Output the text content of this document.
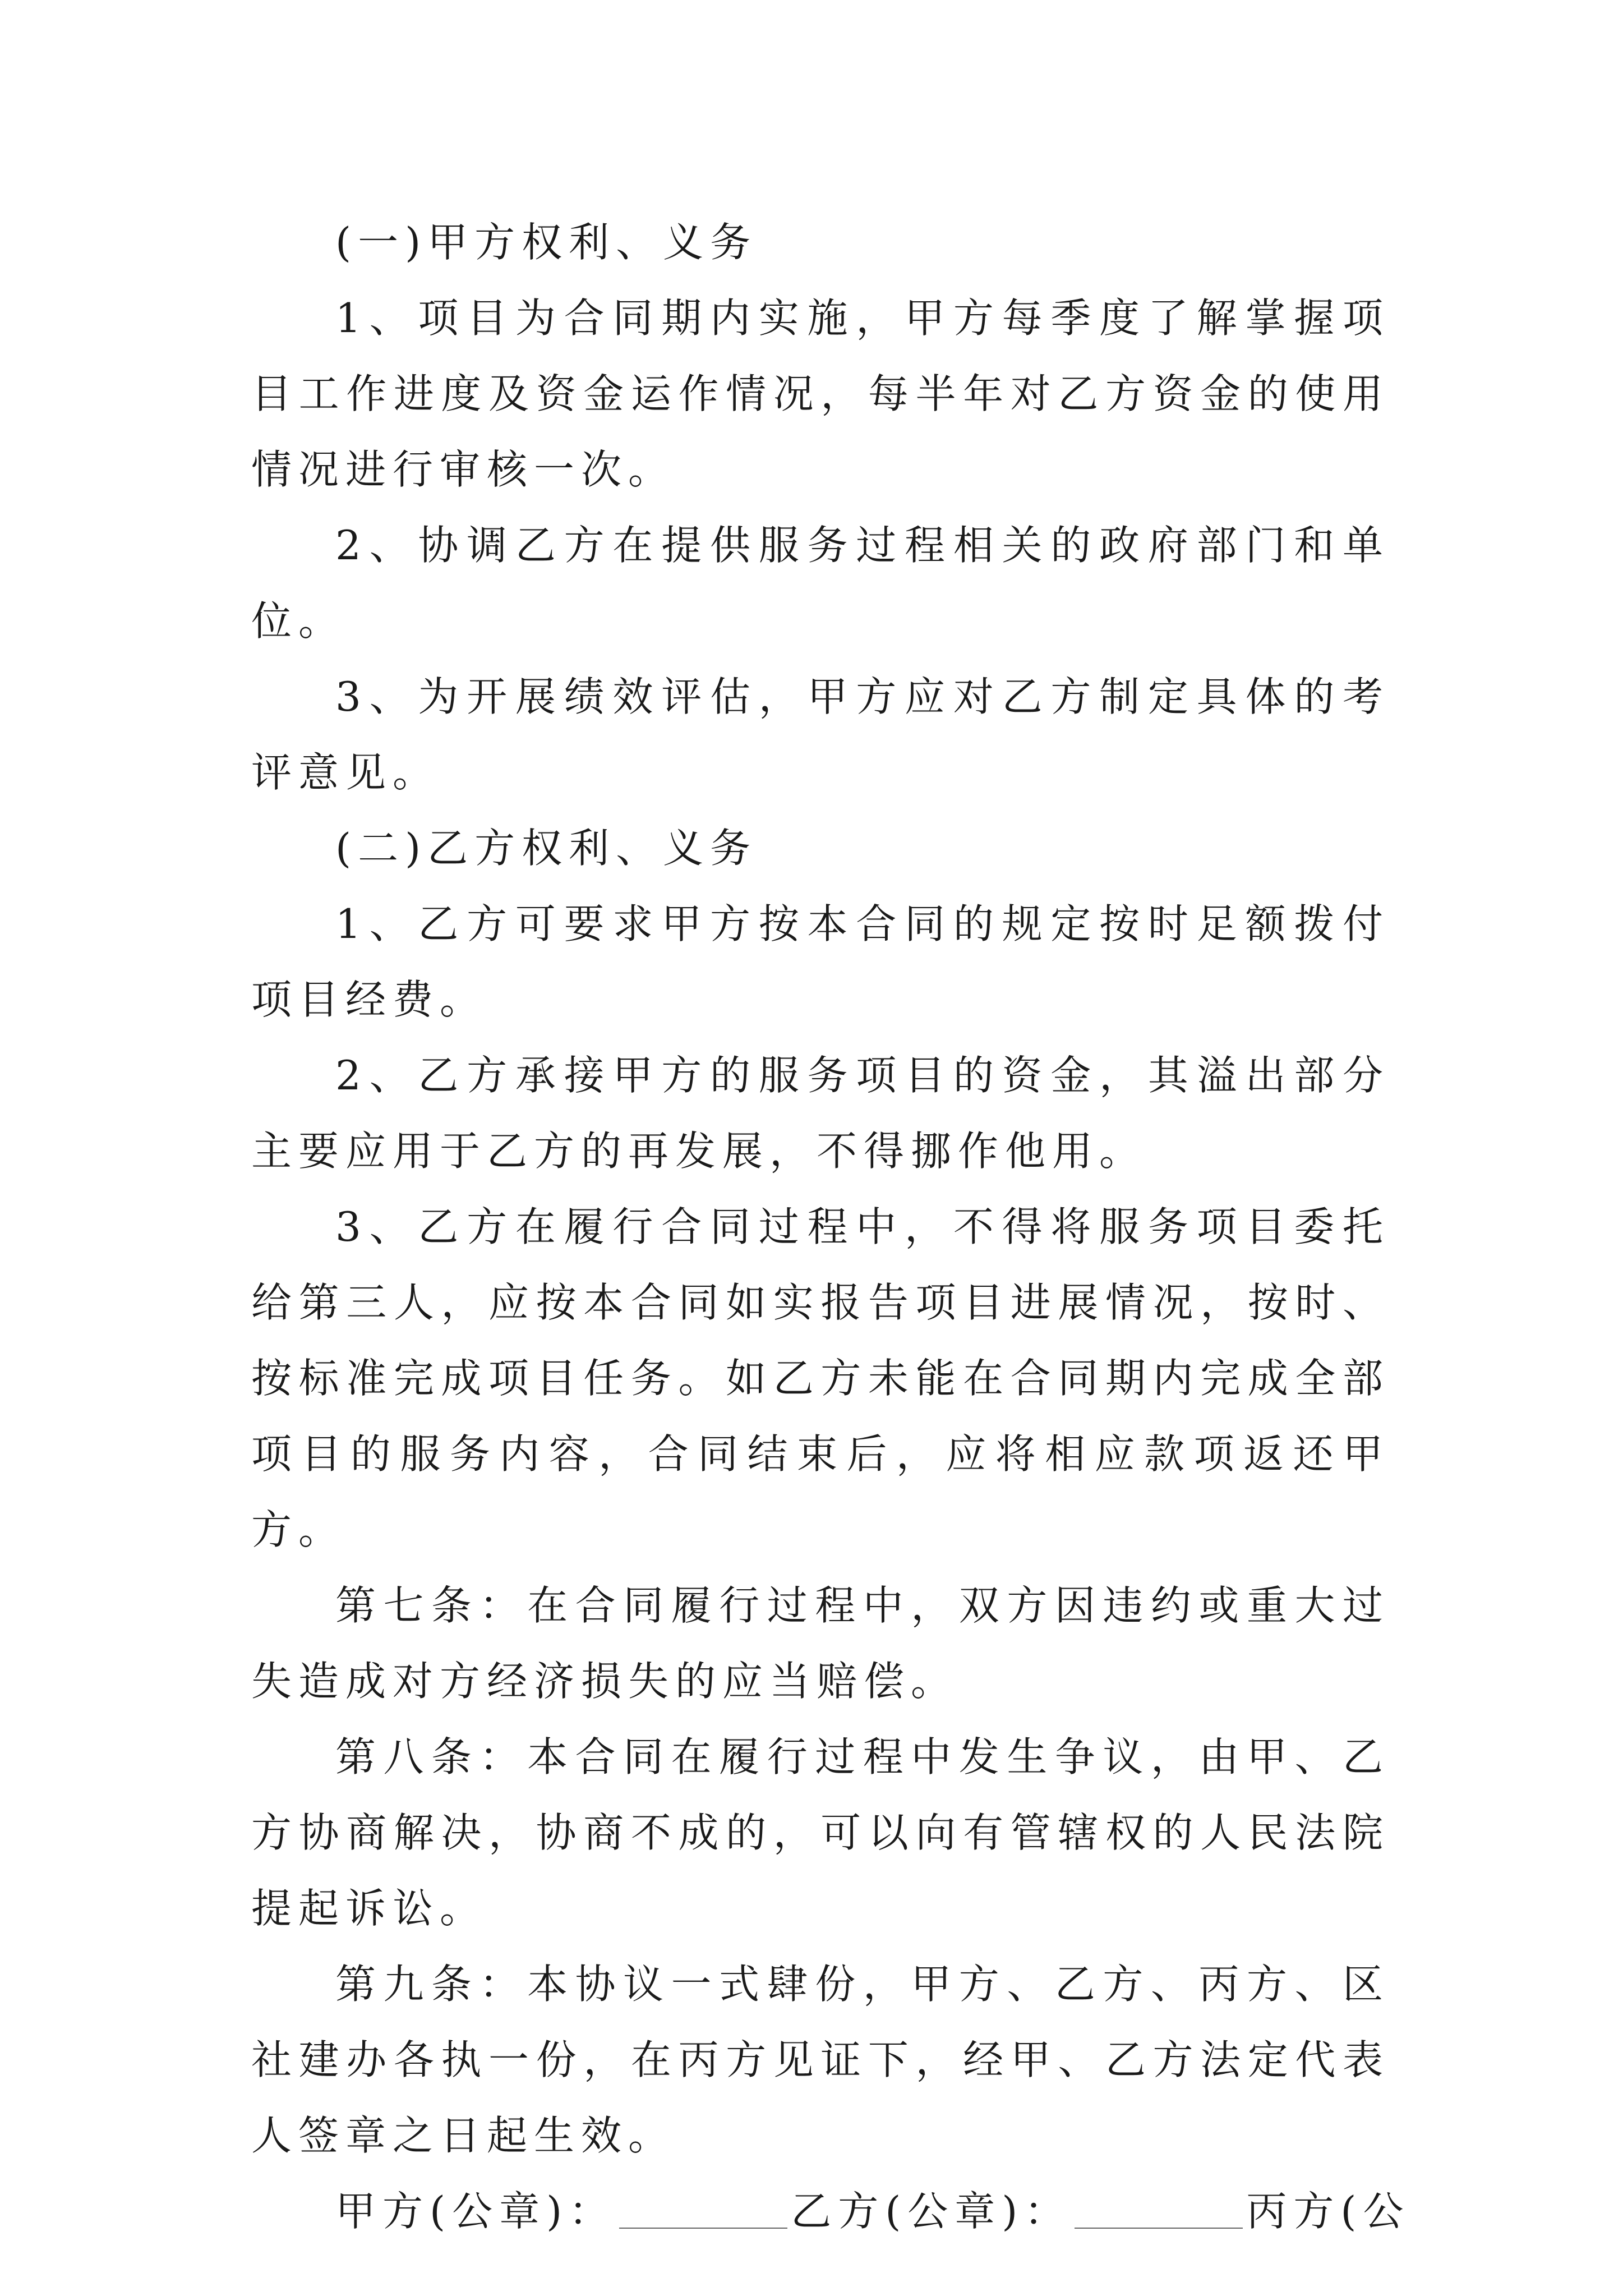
(一)甲方权利、义务

1、项目为合同期内实施，甲方每季度了解掌握项目工作进度及资金运作情况，每半年对乙方资金的使用情况进行审核一次。

2、协调乙方在提供服务过程相关的政府部门和单位。

3、为开展绩效评估，甲方应对乙方制定具体的考评意见。

(二)乙方权利、义务

1、乙方可要求甲方按本合同的规定按时足额拨付项目经费。

2、乙方承接甲方的服务项目的资金，其溢出部分主要应用于乙方的再发展，不得挪作他用。

3、乙方在履行合同过程中，不得将服务项目委托给第三人，应按本合同如实报告项目进展情况，按时、按标准完成项目任务。如乙方未能在合同期内完成全部项目的服务内容，合同结束后，应将相应款项返还甲方。

第七条：在合同履行过程中，双方因违约或重大过失造成对方经济损失的应当赔偿。

第八条：本合同在履行过程中发生争议，由甲、乙方协商解决，协商不成的，可以向有管辖权的人民法院提起诉讼。

第九条：本协议一式肆份，甲方、乙方、丙方、区社建办各执一份，在丙方见证下，经甲、乙方法定代表人签章之日起生效。

甲方(公章)：	乙方(公章)：	丙方(公
